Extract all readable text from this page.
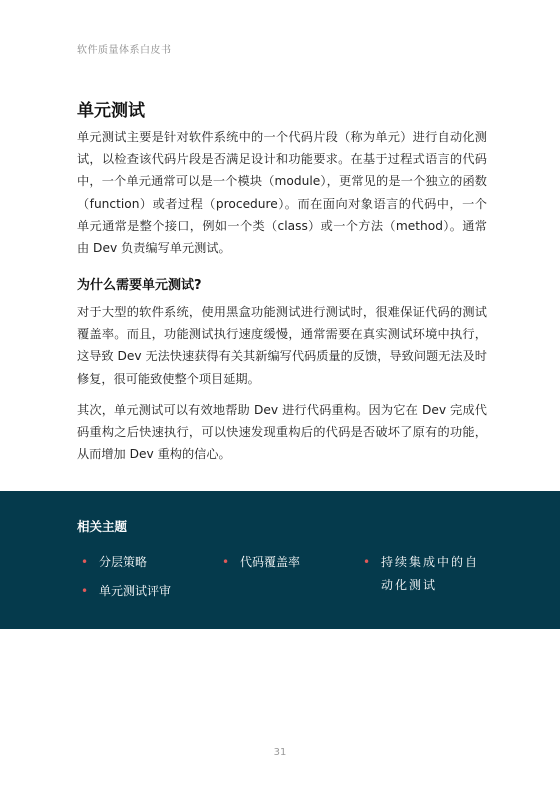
软件质量体系白皮书
单元测试

单元测试主要是针对软件系统中的一个代码片段（称为单元）进行自动化测试，以检查该代码片段是否满足设计和功能要求。在基于过程式语言的代码中，一个单元通常可以是一个模块（module），更常见的是一个独立的函数（function）或者过程（procedure）。而在面向对象语言的代码中，一个单元通常是整个接口，例如一个类（class）或一个方法（method）。通常由 Dev 负责编写单元测试。

为什么需要单元测试?

对于大型的软件系统，使用黑盒功能测试进行测试时，很难保证代码的测试覆盖率。而且，功能测试执行速度缓慢，通常需要在真实测试环境中执行，这导致 Dev 无法快速获得有关其新编写代码质量的反馈，导致问题无法及时修复，很可能致使整个项目延期。

其次，单元测试可以有效地帮助 Dev 进行代码重构。因为它在 Dev 完成代码重构之后快速执行，可以快速发现重构后的代码是否破坏了原有的功能，从而增加 Dev 重构的信心。

相关主题
• 分层策略	• 代码覆盖率	• 持续集成中的自动化测试
• 单元测试评审
31
